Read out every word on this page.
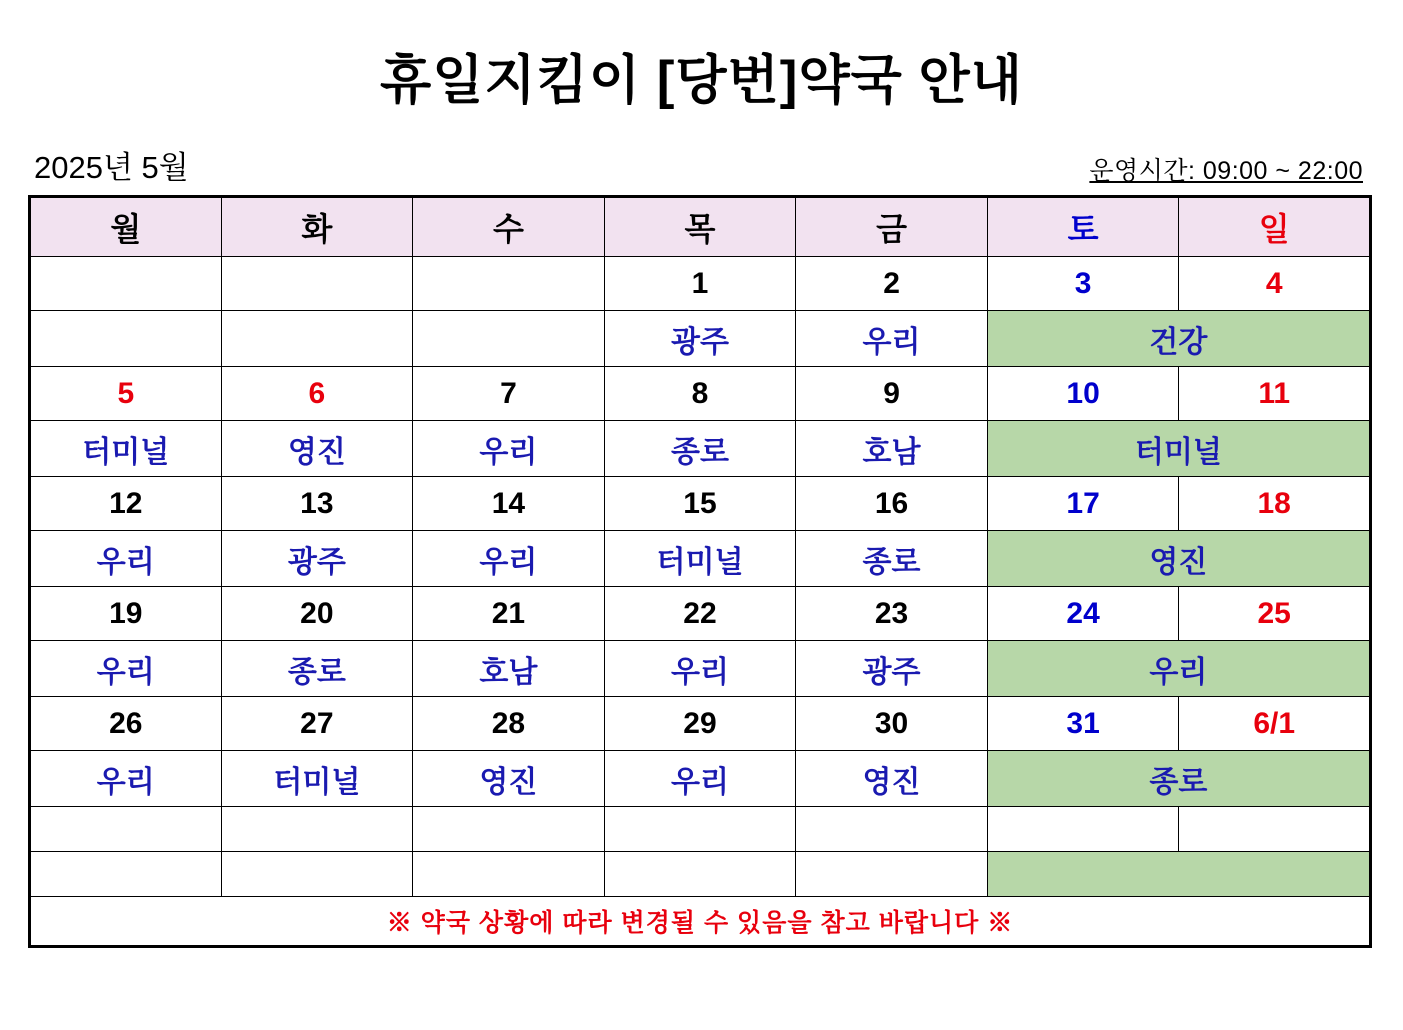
휴일지킴이 [당번]약국 안내
2025년 5월	운영시간: 09:00 ~ 22:00
월	화	수	목	금	토	일
			1	2	3	4
			광주	우리	건강	
5	6	7	8	9	10	11
터미널	영진	우리	종로	호남	터미널	
12	13	14	15	16	17	18
우리	광주	우리	터미널	종로	영진	
19	20	21	22	23	24	25
우리	종로	호남	우리	광주	우리	
26	27	28	29	30	31	6/1
우리	터미널	영진	우리	영진	종로	

※ 약국 상황에 따라 변경될 수 있음을 참고 바랍니다 ※						
